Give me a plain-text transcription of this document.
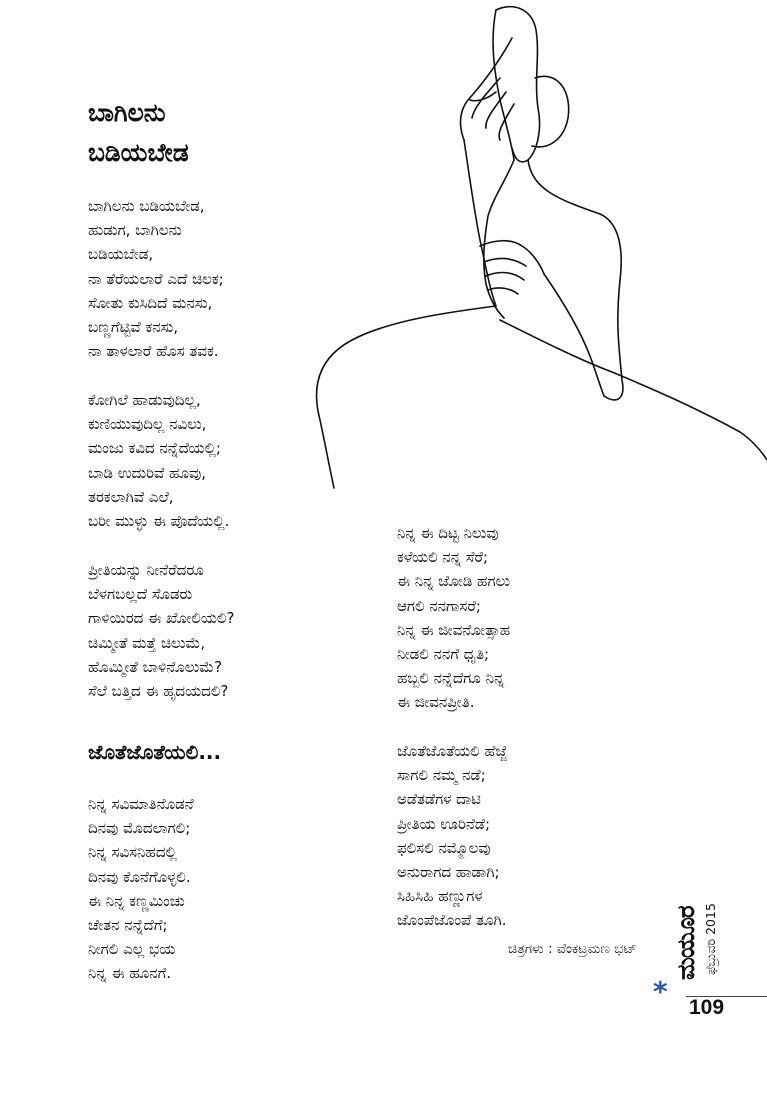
ಬಾಗಿಲನು
ಬಡಿಯಬೇಡ

ಬಾಗಿಲನು ಬಡಿಯಬೇಡ,
ಹುಡುಗ, ಬಾಗಿಲನು
ಬಡಿಯಬೇಡ,
ನಾ ತೆರೆಯಲಾರೆ ಎದೆ ಚಿಲಕ;
ಸೋತು ಕುಸಿದಿದೆ ಮನಸು,
ಬಣ್ಣಗೆಟ್ಟಿವೆ ಕನಸು,
ನಾ ತಾಳಲಾರೆ ಹೊಸ ತವಕ.

ಕೋಗಿಲೆ ಹಾಡುವುದಿಲ್ಲ,
ಕುಣಿಯುವುದಿಲ್ಲ ನವಿಲು,
ಮಂಜು ಕವಿದ ನನ್ನೆದೆಯಲ್ಲಿ;
ಬಾಡಿ ಉದುರಿವೆ ಹೂವು,
ತರಕಲಾಗಿವೆ ಎಲೆ,
ಬರೀ ಮುಳ್ಳು ಈ ಪೊದೆಯಲ್ಲಿ.

ಪ್ರೀತಿಯನ್ನು ನೀನೆರೆದರೂ
ಬೆಳಗಬಲ್ಲದೆ ಸೊಡರು
ಗಾಳಿಯಿರದ ಈ ಖೋಲಿಯಲಿ?
ಚಿಮ್ಮೀತೆ ಮತ್ತೆ ಚಿಲುಮೆ,
ಹೊಮ್ಮೀತೆ ಬಾಳಿನೊಲುಮೆ?
ಸೆಲೆ ಬತ್ತಿದ ಈ ಹೃದಯದಲಿ?

ಜೊತೆಜೊತೆಯಲಿ...

ನಿನ್ನ ಸವಿಮಾತಿನೊಡನೆ
ದಿನವು ಮೊದಲಾಗಲಿ;
ನಿನ್ನ ಸವಿಸನಿಹದಲ್ಲಿ
ದಿನವು ಕೊನೆಗೊಳ್ಳಲಿ.
ಈ ನಿನ್ನ ಕಣ್ಣಮಿಂಚು
ಚೇತನ ನನ್ನೆದೆಗೆ;
ನೀಗಲಿ ಎಲ್ಲ ಭಯ
ನಿನ್ನ ಈ ಹೂನಗೆ.

ನಿನ್ನ ಈ ದಿಟ್ಟ ನಿಲುವು
ಕಳೆಯಲಿ ನನ್ನ ಸೆರೆ;
ಈ ನಿನ್ನ ಜೋಡಿ ಹಗಲು
ಆಗಲಿ ನನಗಾಸರೆ;
ನಿನ್ನ ಈ ಜೀವನೋತ್ಸಾಹ
ನೀಡಲಿ ನನಗೆ ಧೃತಿ;
ಹಬ್ಬಲಿ ನನ್ನೆದೆಗೂ ನಿನ್ನ
ಈ ಜೀವನಪ್ರೀತಿ.

ಜೊತೆಜೊತೆಯಲಿ ಹೆಜ್ಜೆ
ಸಾಗಲಿ ನಮ್ಮ ನಡೆ;
ಅಡೆತಡೆಗಳ ದಾಟಿ
ಪ್ರೀತಿಯ ಊರಿನೆಡೆ;
ಫಲಿಸಲಿ ನಮ್ಮೊಲವು
ಅನುರಾಗದ ಹಾಡಾಗಿ;
ಸಿಹಿಸಿಹಿ ಹಣ್ಣುಗಳ
ಜೊಂಪೆಜೊಂಪೆ ತೂಗಿ.

ಚಿತ್ರಗಳು : ವೆಂಕಟ್ರಮಣ ಭಟ್ ಮಯೂರ ಫೆಬ್ರುವರಿ 2015
* 109
